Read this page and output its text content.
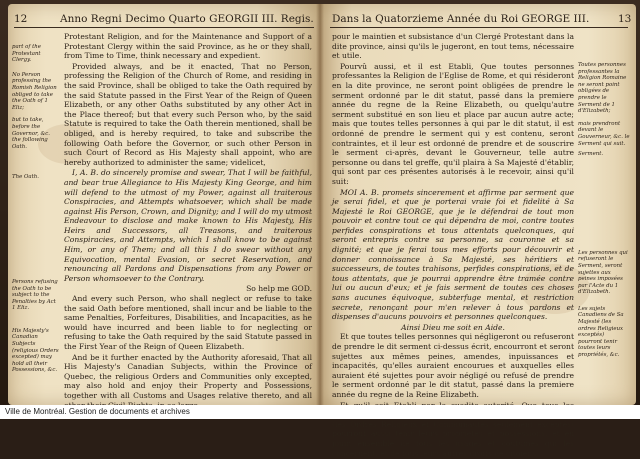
12	Anno Regni Decimo Quarto GEORGII III. Regis.
part of the Protestant Clergy.
No Person professing the Romish Religion obliged to take the Oath of 1 Eliz;
but to take, before the Governor, &c. the following Oath.
The Oath.
Persons refusing the Oath to be subject to the Penalties by Act 1 Eliz.
His Majesty's Canadian Subjects (religious Orders excepted) may hold all their Possessions, &c.

Protestant Religion, and for the Maintenance and Support of a Protestant Clergy within the said Province, as he or they shall, from Time to Time, think necessary and expedient.

Provided always, and be it enacted, That no Person, professing the Religion of the Church of Rome, and residing in the said Province, shall be obliged to take the Oath required by the said Statute passed in the First Year of the Reign of Queen Elizabeth, or any other Oaths substituted by any other Act in the Place thereof; but that every such Person who, by the said Statute is required to take the Oath therein mentioned, shall be obliged, and is hereby required, to take and subscribe the following Oath before the Governor, or such other Person in such Court of Record as His Majesty shall appoint, who are hereby authorized to administer the same; videlicet,

I, A. B. do sincerely promise and swear, That I will be faithful, and bear true Allegiance to His Majesty King George, and him will defend to the utmost of my Power, against all traiterous Conspiracies, and Attempts whatsoever, which shall be made against His Person, Crown, and Dignity; and I will do my utmost Endeavour to disclose and make known to His Majesty, His Heirs and Successors, all Treasons, and traiterous Conspiracies, and Attempts, which I shall know to be against Him, or any of Them; and all this I do swear without any Equivocation, mental Evasion, or secret Reservation, and renouncing all Pardons and Dispensations from any Power or Person whomsoever to the Contrary.

So help me GOD.

And every such Person, who shall neglect or refuse to take the said Oath before mentioned, shall incur and be liable to the same Penalties, Forfeitures, Disabilities, and Incapacities, as he would have incurred and been liable to for neglecting or refusing to take the Oath required by the said Statute passed in the First Year of the Reign of Queen Elizabeth.

And be it further enacted by the Authority aforesaid, That all His Majesty's Canadian Subjects, within the Province of Quebec, the religious Orders and Communities only excepted, may also hold and enjoy their Property and Possessions, together with all Customs and Usages relative thereto, and all

Dans la Quatorzieme Année du Roi GEORGE III.	13

pour le maintien et subsistance d'un Clergé Protestant dans la dite province, ainsi qu'ils le jugeront, en tout tems, nécessaire et utile.

Pourvû aussi, et il est Etabli, Que toutes personnes professantes la Religion de l'Eglise de Rome, et qui résideront en la dite province, ne seront point obligées de prendre le serment ordonné par le dit statut, passé dans la premiere année du regne de la Reine Elizabeth, ou quelqu'autre serment substitué en son lieu et place par aucun autre acte; mais que toutes telles personnes à qui par le dit statut, il est ordonné de prendre le serment qui y est contenu, seront contraintes, et il leur est ordonné de prendre et de souscrire le serment ci-après, devant le Gouverneur, telle autre personne ou dans tel greffe, qu'il plaira à Sa Majesté d'établir, qui sont par ces présentes autorisés à le recevoir, ainsi qu'il suit:

MOI A. B. promets sincerement et affirme par serment que je serai fidel, et que je porterai vraie foi et fidelité à Sa Majesté le Roi GEORGE, que je le défendrai de tout mon pouvoir et contre tout ce qui dépendra de moi, contre toutes perfides conspirations et tous attentats quelconques, qui seront entrepris contre sa personne, sa couronne et sa dignité; et que je ferai tous mes efforts pour découvrir et donner connoissance à Sa Majesté, ses héritiers et successeurs, de toutes trahisons, perfides conspirations, et de tous attentats, que je pourrai apprendre être tramée contre lui ou aucun d'eux; et je fais serment de toutes ces choses sans aucunes équivoque, subterfuge mental, et restriction secrete, renonçant pour m'en relever à tous pardons et dispenses d'aucuns pouvoirs et personnes quelconques.

Ainsi Dieu me soit en Aide.

Et que toutes telles personnes qui négligeront ou refuseront de prendre le dit serment ci-dessus écrit, encourront et seront sujettes aux mêmes peines, amendes, inpuissances et incapacités, qu'elles auraient encourues et auxquelles elles auraient été sujettes pour avoir négligé ou refusé de prendre le serment ordonné par le dit statut, passé dans la premiere année du regne de la Reine Elizabeth.

(les Ordres Religieux et Communautés seulement exceptés) pourront aussi tenir leurs propriétés et possessions, et en jouir, ensemble de tous les usages et coutumes qui les concernent, et de tous leurs autres droits de citoiens,

Toutes personnes professantes la Religion Romaine ne seront point obligées de prendre le Serment de 1 d'Elizabeth;
mais prendront devant le Gouverneur, &c. le Serment qui suit.
Serment.
Les personnes qui refuseront le Serment, seront sujettes aux peines imposées par l'Acte du 1 d'Elizabeth.
Les sujets Canadiens de Sa Majesté (les ordres Religieux exceptés) pourront tenir toutes leurs propriétés, &c.
Ville de Montréal. Gestion de documents et archives
